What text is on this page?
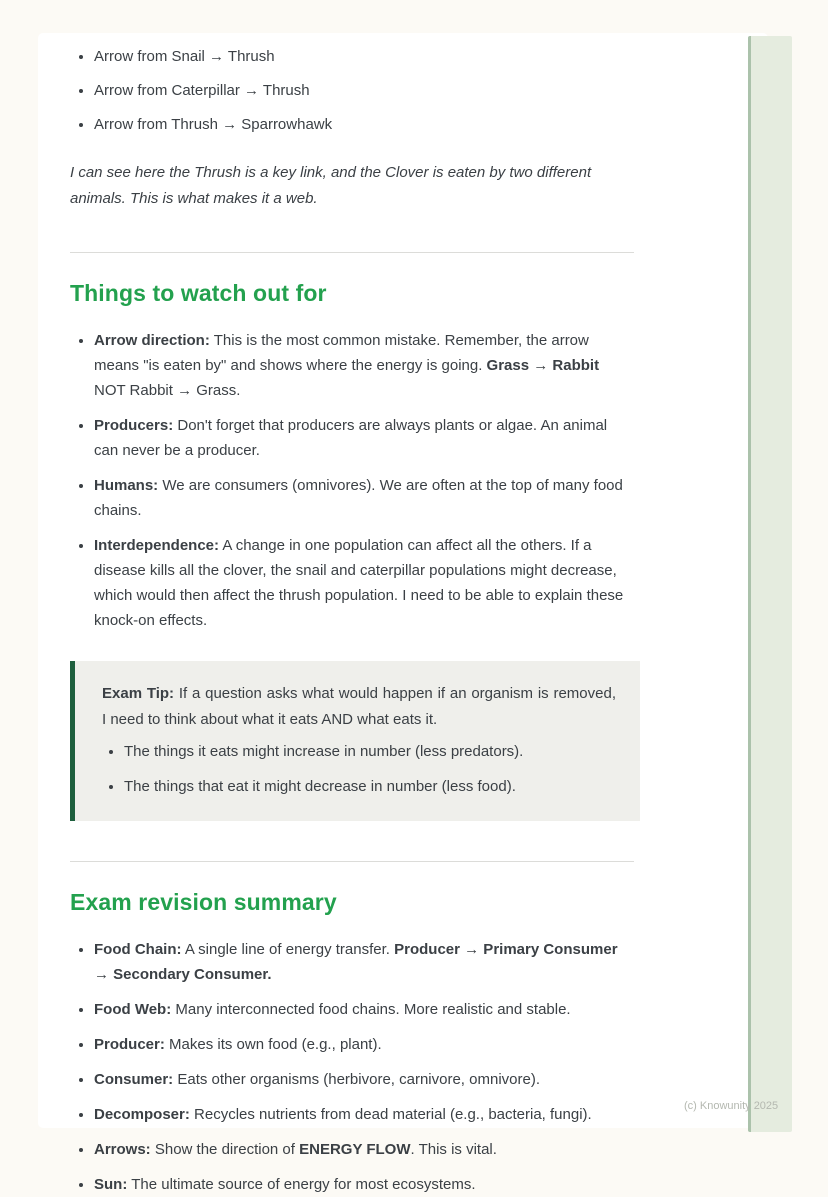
• Arrow from Snail → Thrush
• Arrow from Caterpillar → Thrush
• Arrow from Thrush → Sparrowhawk

I can see here the Thrush is a key link, and the Clover is eaten by two different animals. This is what makes it a web.

Things to watch out for
• Arrow direction: This is the most common mistake. Remember, the arrow means "is eaten by" and shows where the energy is going. Grass → Rabbit NOT Rabbit → Grass.
• Producers: Don't forget that producers are always plants or algae. An animal can never be a producer.
• Humans: We are consumers (omnivores). We are often at the top of many food chains.
• Interdependence: A change in one population can affect all the others. If a disease kills all the clover, the snail and caterpillar populations might decrease, which would then affect the thrush population. I need to be able to explain these knock-on effects.

Exam Tip: If a question asks what would happen if an organism is removed, I need to think about what it eats AND what eats it.

• The things it eats might increase in number (less predators).
• The things that eat it might decrease in number (less food).
Exam revision summary
• Food Chain: A single line of energy transfer. Producer → Primary Consumer → Secondary Consumer.
• Food Web: Many interconnected food chains. More realistic and stable.
• Producer: Makes its own food (e.g., plant).
• Consumer: Eats other organisms (herbivore, carnivore, omnivore).
• Decomposer: Recycles nutrients from dead material (e.g., bacteria, fungi).
• Arrows: Show the direction of ENERGY FLOW. This is vital.
• Sun: The ultimate source of energy for most ecosystems.
(c) Knowunity 2025
